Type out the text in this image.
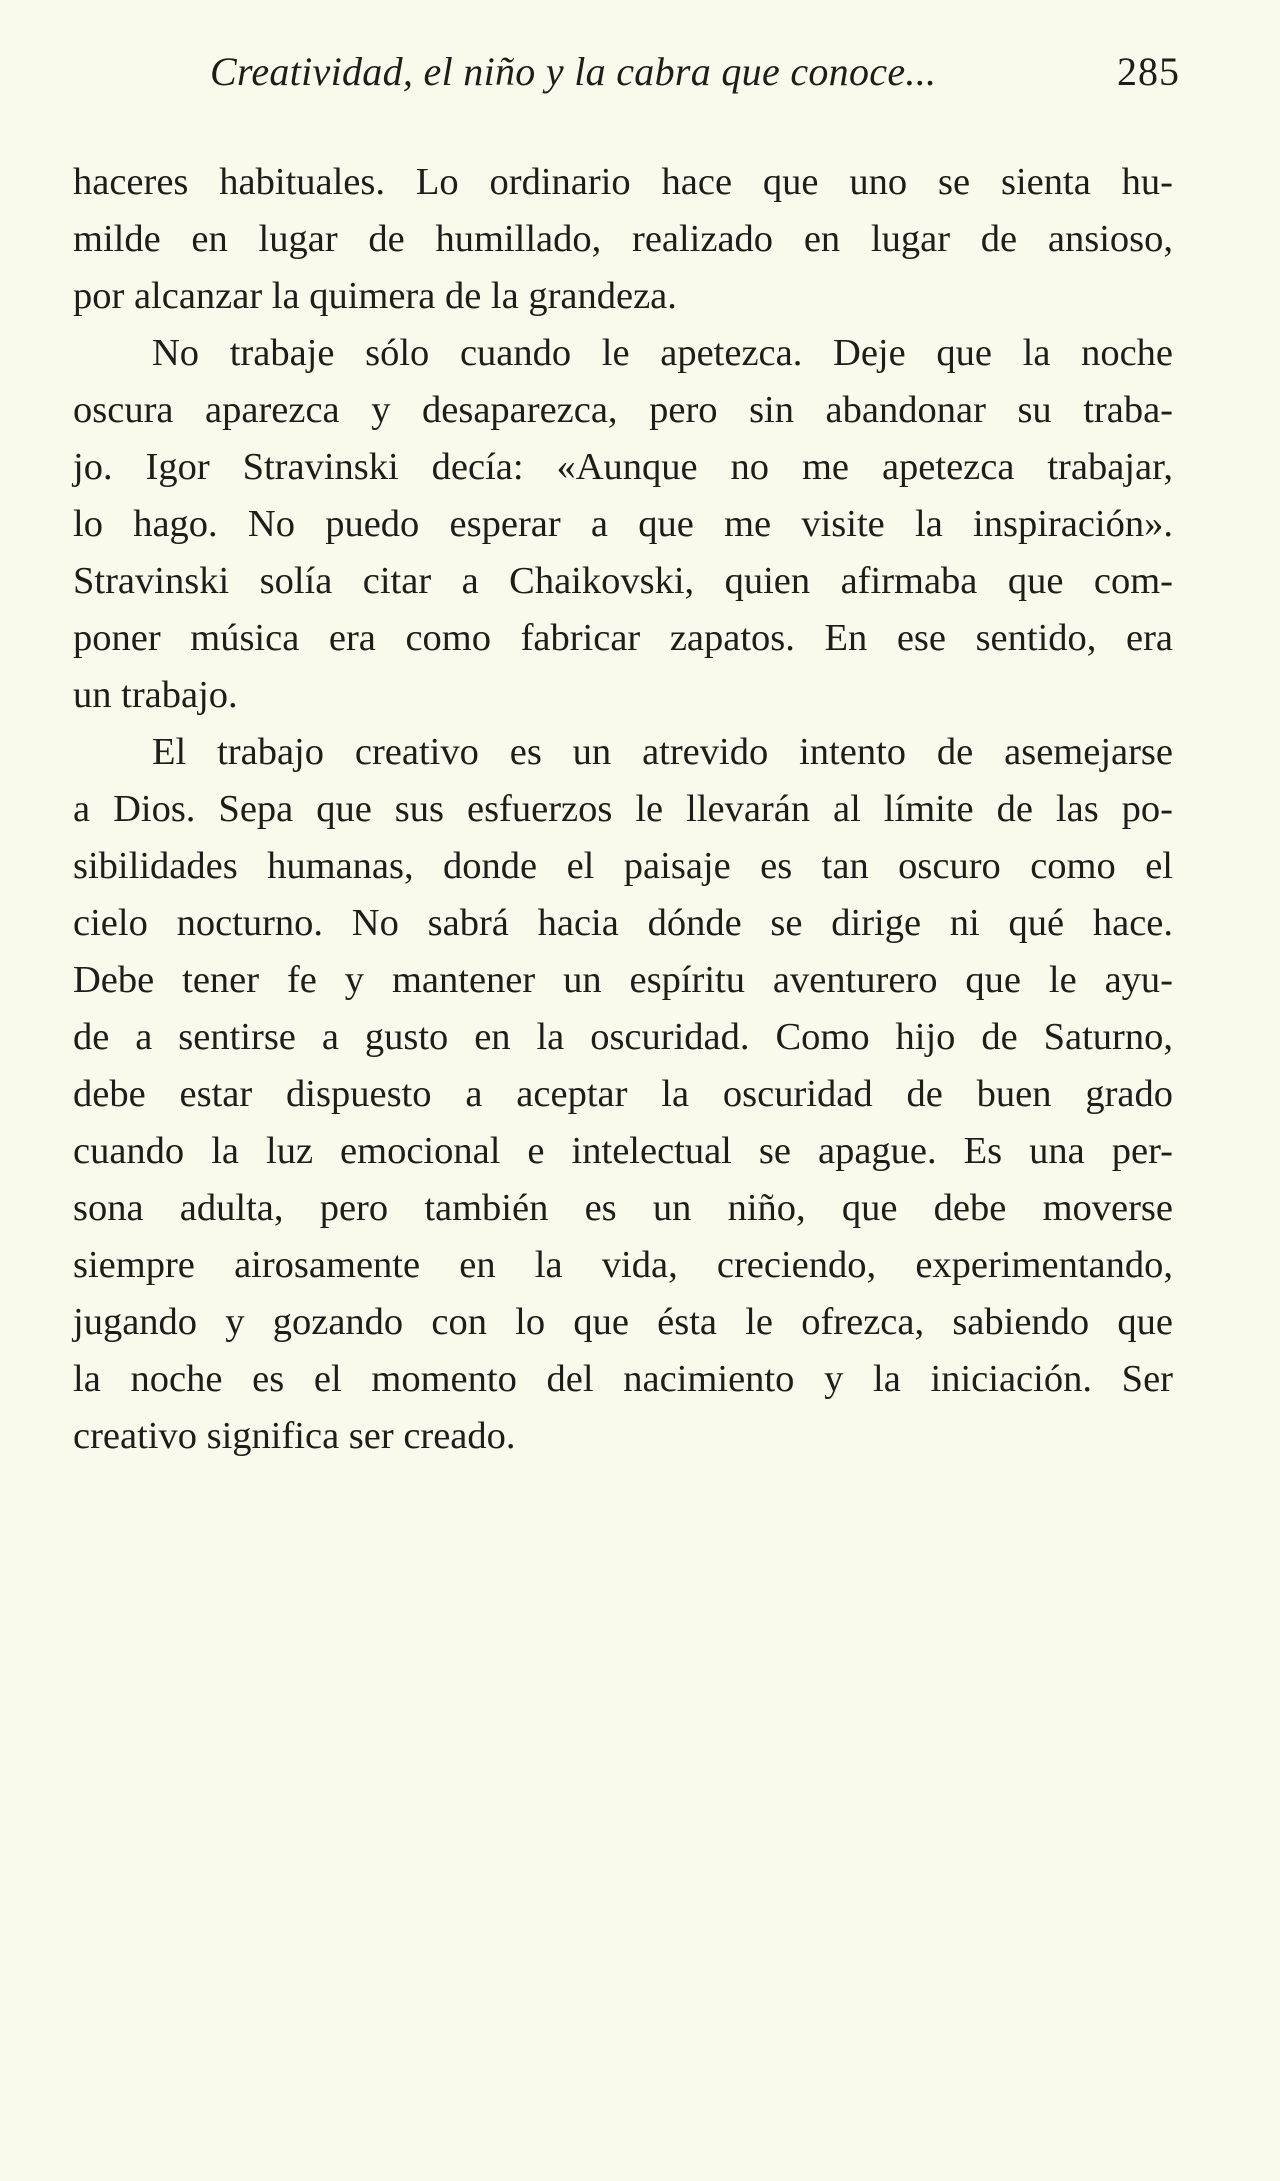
Creatividad, el niño y la cabra que conoce...	285
haceres habituales. Lo ordinario hace que uno se sienta hu-
milde en lugar de humillado, realizado en lugar de ansioso,
por alcanzar la quimera de la grandeza.
No trabaje sólo cuando le apetezca. Deje que la noche
oscura aparezca y desaparezca, pero sin abandonar su traba-
jo. Igor Stravinski decía: «Aunque no me apetezca trabajar,
lo hago. No puedo esperar a que me visite la inspiración».
Stravinski solía citar a Chaikovski, quien afirmaba que com-
poner música era como fabricar zapatos. En ese sentido, era
un trabajo.
El trabajo creativo es un atrevido intento de asemejarse
a Dios. Sepa que sus esfuerzos le llevarán al límite de las po-
sibilidades humanas, donde el paisaje es tan oscuro como el
cielo nocturno. No sabrá hacia dónde se dirige ni qué hace.
Debe tener fe y mantener un espíritu aventurero que le ayu-
de a sentirse a gusto en la oscuridad. Como hijo de Saturno,
debe estar dispuesto a aceptar la oscuridad de buen grado
cuando la luz emocional e intelectual se apague. Es una per-
sona adulta, pero también es un niño, que debe moverse
siempre airosamente en la vida, creciendo, experimentando,
jugando y gozando con lo que ésta le ofrezca, sabiendo que
la noche es el momento del nacimiento y la iniciación. Ser
creativo significa ser creado.
